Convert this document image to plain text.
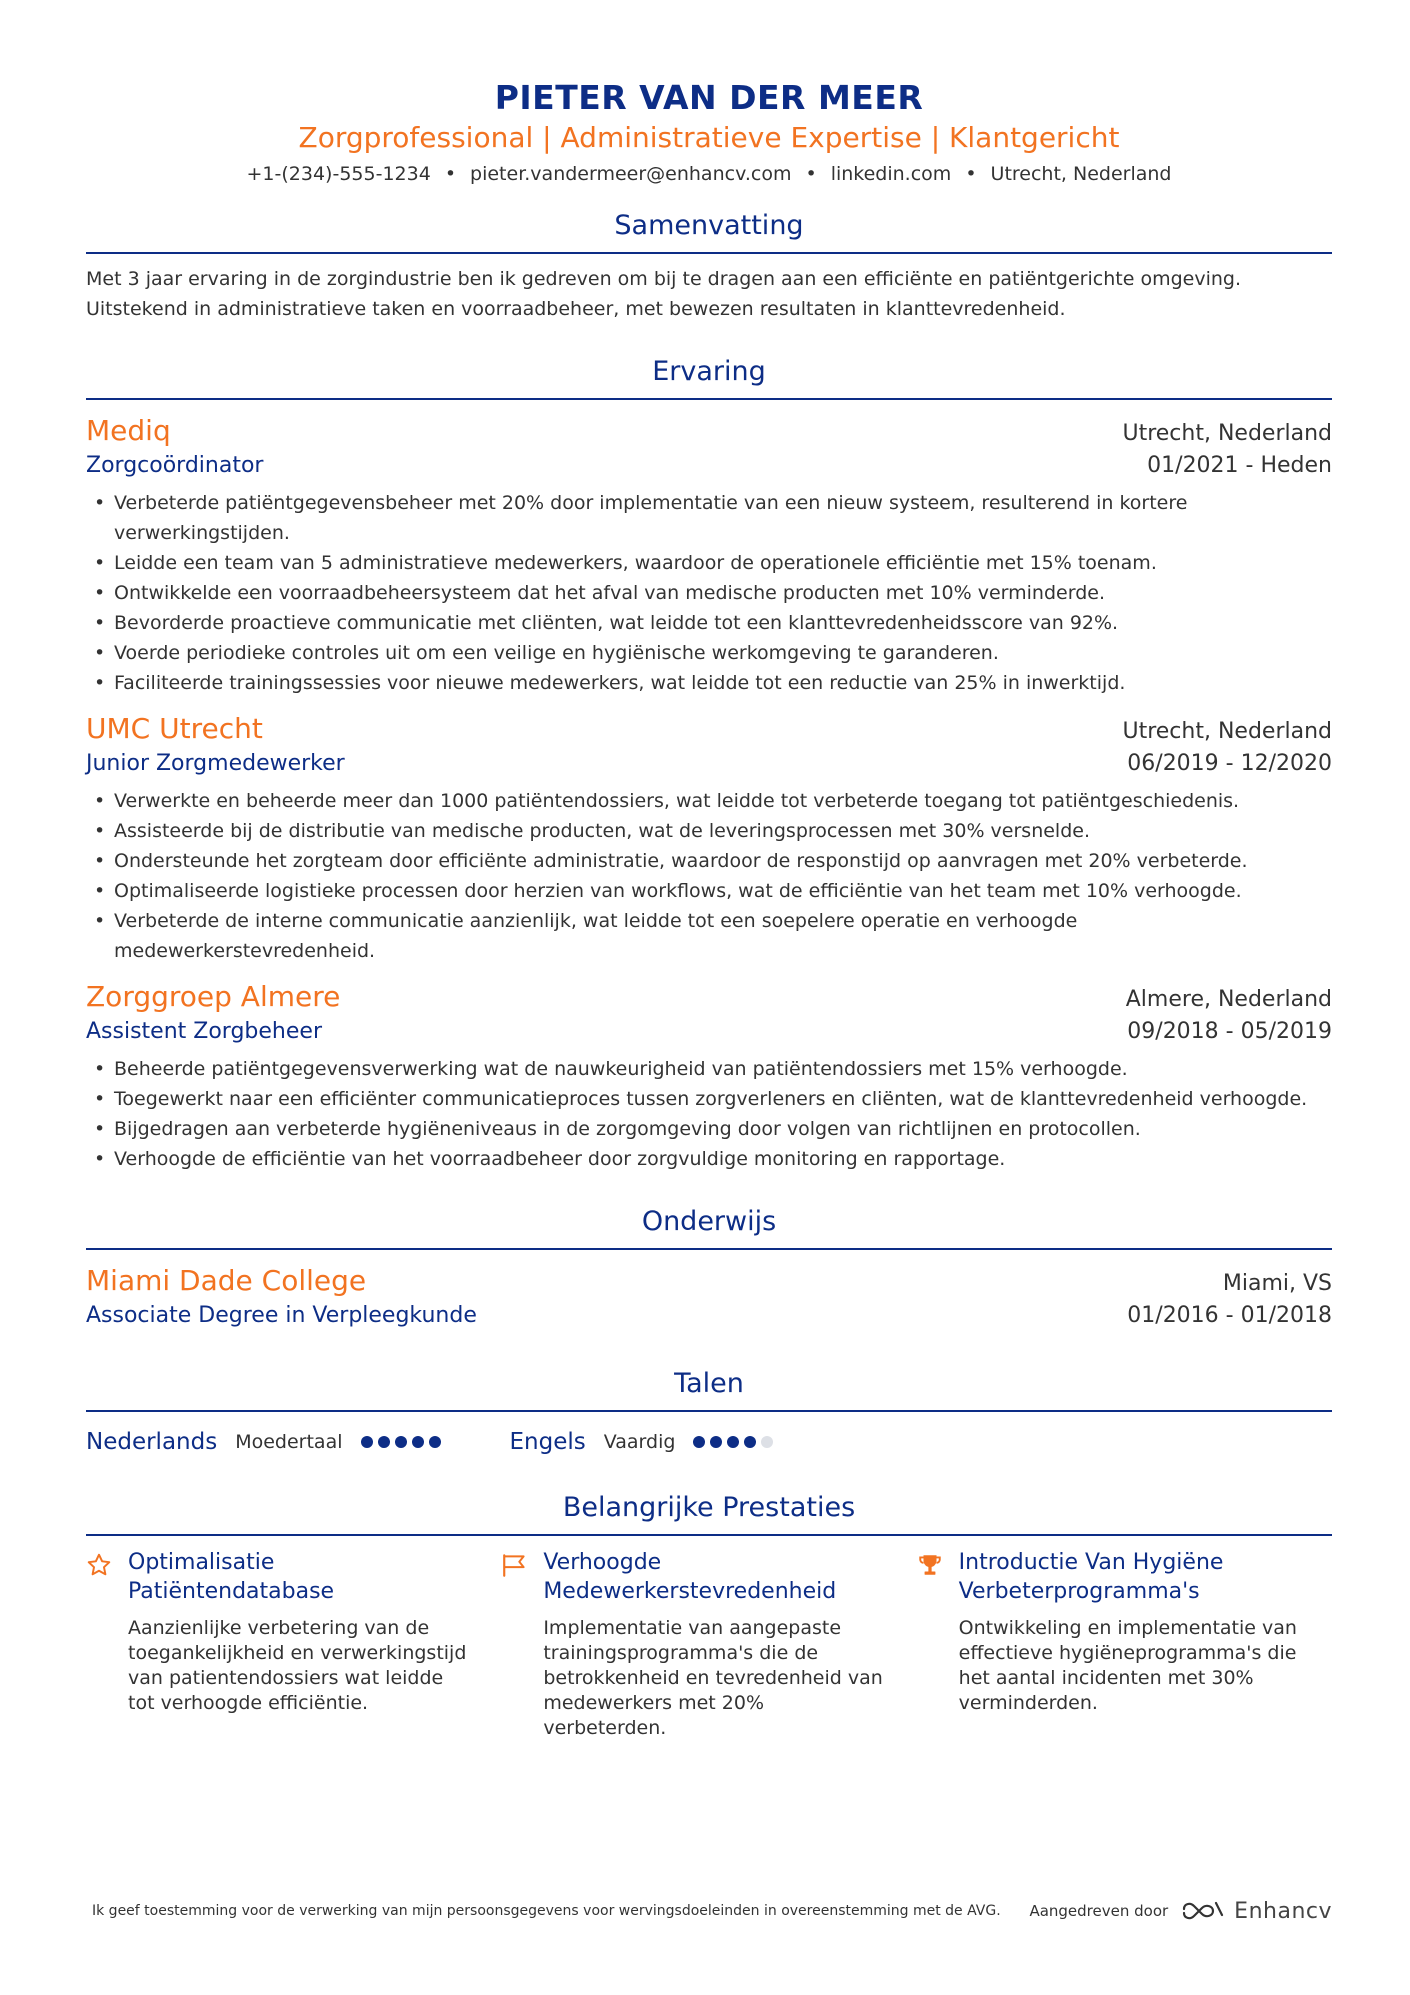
PIETER VAN DER MEER
Zorgprofessional | Administratieve Expertise | Klantgericht
+1-(234)-555-1234 • pieter.vandermeer@enhancv.com • linkedin.com • Utrecht, Nederland
Samenvatting

Met 3 jaar ervaring in de zorgindustrie ben ik gedreven om bij te dragen aan een efficiënte en patiëntgerichte omgeving. Uitstekend in administratieve taken en voorraadbeheer, met bewezen resultaten in klanttevredenheid.

Ervaring
Mediq	Utrecht, Nederland
Zorgcoördinator	01/2021 - Heden
• Verbeterde patiëntgegevensbeheer met 20% door implementatie van een nieuw systeem, resulterend in kortere verwerkingstijden.
• Leidde een team van 5 administratieve medewerkers, waardoor de operationele efficiëntie met 15% toenam.
• Ontwikkelde een voorraadbeheersysteem dat het afval van medische producten met 10% verminderde.
• Bevorderde proactieve communicatie met cliënten, wat leidde tot een klanttevredenheidsscore van 92%.
• Voerde periodieke controles uit om een veilige en hygiënische werkomgeving te garanderen.
• Faciliteerde trainingssessies voor nieuwe medewerkers, wat leidde tot een reductie van 25% in inwerktijd.
UMC Utrecht	Utrecht, Nederland
Junior Zorgmedewerker	06/2019 - 12/2020
• Verwerkte en beheerde meer dan 1000 patiëntendossiers, wat leidde tot verbeterde toegang tot patiëntgeschiedenis.
• Assisteerde bij de distributie van medische producten, wat de leveringsprocessen met 30% versnelde.
• Ondersteunde het zorgteam door efficiënte administratie, waardoor de responstijd op aanvragen met 20% verbeterde.
• Optimaliseerde logistieke processen door herzien van workflows, wat de efficiëntie van het team met 10% verhoogde.
• Verbeterde de interne communicatie aanzienlijk, wat leidde tot een soepelere operatie en verhoogde medewerkerstevredenheid.
Zorggroep Almere	Almere, Nederland
Assistent Zorgbeheer	09/2018 - 05/2019
• Beheerde patiëntgegevensverwerking wat de nauwkeurigheid van patiëntendossiers met 15% verhoogde.
• Toegewerkt naar een efficiënter communicatieproces tussen zorgverleners en cliënten, wat de klanttevredenheid verhoogde.
• Bijgedragen aan verbeterde hygiëneniveaus in de zorgomgeving door volgen van richtlijnen en protocollen.
• Verhoogde de efficiëntie van het voorraadbeheer door zorgvuldige monitoring en rapportage.
Onderwijs
Miami Dade College	Miami, VS
Associate Degree in Verpleegkunde	01/2016 - 01/2018
Talen
Nederlands Moedertaal	Engels Vaardig
Belangrijke Prestaties
Optimalisatie Patiëntendatabase
Aanzienlijke verbetering van de toegankelijkheid en verwerkingstijd van patientendossiers wat leidde tot verhoogde efficiëntie.
Verhoogde Medewerkerstevredenheid
Implementatie van aangepaste trainingsprogramma's die de betrokkenheid en tevredenheid van medewerkers met 20% verbeterden.
Introductie Van Hygiëne Verbeterprogramma's
Ontwikkeling en implementatie van effectieve hygiëneprogramma's die het aantal incidenten met 30% verminderden.
Ik geef toestemming voor de verwerking van mijn persoonsgegevens voor wervingsdoeleinden in overeenstemming met de AVG. Aangedreven door	Enhancv
